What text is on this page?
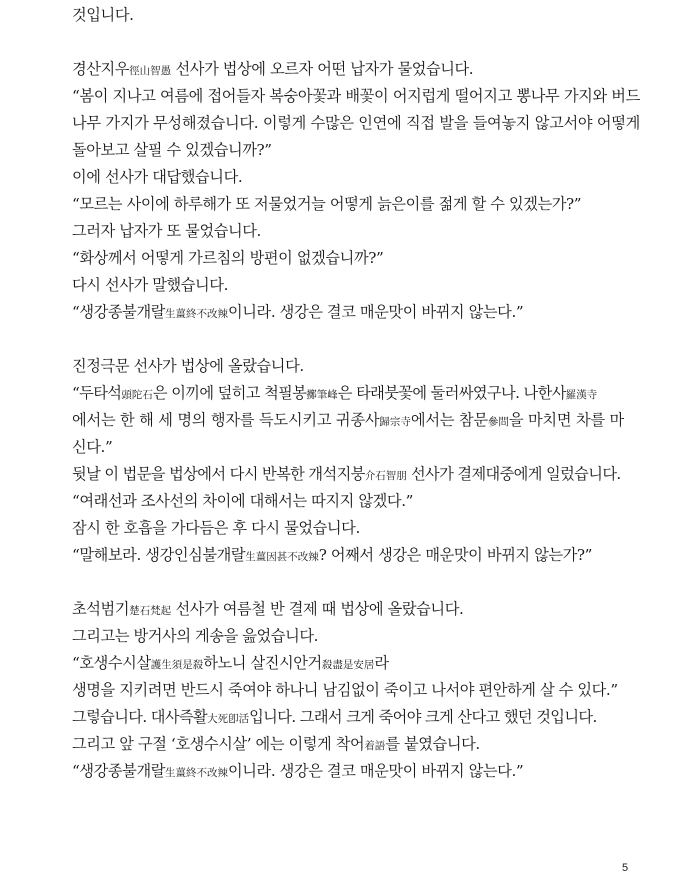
것입니다.
경산지우徑山智愚 선사가 법상에 오르자 어떤 납자가 물었습니다.
“봄이 지나고 여름에 접어들자 복숭아꽃과 배꽃이 어지럽게 떨어지고 뽕나무 가지와 버드
나무 가지가 무성해졌습니다. 이렇게 수많은 인연에 직접 발을 들여놓지 않고서야 어떻게
돌아보고 살필 수 있겠습니까?”
이에 선사가 대답했습니다.
“모르는 사이에 하루해가 또 저물었거늘 어떻게 늙은이를 젊게 할 수 있겠는가?”
그러자 납자가 또 물었습니다.
“화상께서 어떻게 가르침의 방편이 없겠습니까?”
다시 선사가 말했습니다.
“생강종불개랄生薑終不改辣이니라. 생강은 결코 매운맛이 바뀌지 않는다.”
진정극문 선사가 법상에 올랐습니다.
“두타석頭陀石은 이끼에 덮히고 척필봉擲筆峰은 타래붓꽃에 둘러싸였구나. 나한사羅漢寺
에서는 한 해 세 명의 행자를 득도시키고 귀종사歸宗寺에서는 참문參問을 마치면 차를 마
신다.”
뒷날 이 법문을 법상에서 다시 반복한 개석지붕介石智朋 선사가 결제대중에게 일렀습니다.
“여래선과 조사선의 차이에 대해서는 따지지 않겠다.”
잠시 한 호흡을 가다듬은 후 다시 물었습니다.
“말해보라. 생강인심불개랄生薑因甚不改辣? 어째서 생강은 매운맛이 바뀌지 않는가?”
초석범기楚石梵起 선사가 여름철 반 결제 때 법상에 올랐습니다.
그리고는 방거사의 게송을 읊었습니다.
“호생수시살護生須是殺하노니 살진시안거殺盡是安居라
생명을 지키려면 반드시 죽여야 하나니 남김없이 죽이고 나서야 편안하게 살 수 있다.”
그렇습니다. 대사즉활大死卽活입니다. 그래서 크게 죽어야 크게 산다고 했던 것입니다.
그리고 앞 구절 ‘호생수시살’ 에는 이렇게 착어着語를 붙였습니다.
“생강종불개랄生薑終不改辣이니라. 생강은 결코 매운맛이 바뀌지 않는다.”
5
